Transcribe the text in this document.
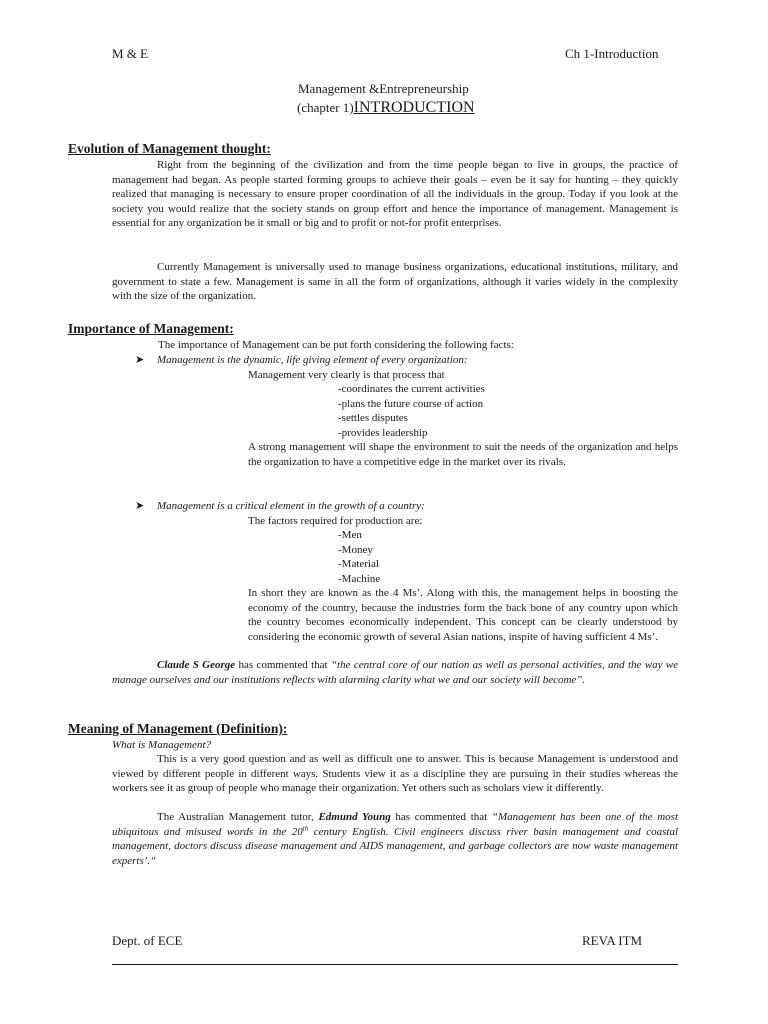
M & E	Ch 1-Introduction
Management &Entrepreneurship
(chapter 1)INTRODUCTION
Evolution of Management thought:
Right from the beginning of the civilization and from the time people began to live in groups, the practice of management had began. As people started forming groups to achieve their goals – even be it say for hunting – they quickly realized that managing is necessary to ensure proper coordination of all the individuals in the group. Today if you look at the society you would realize that the society stands on group effort and hence the importance of management. Management is essential for any organization be it small or big and to profit or not-for profit enterprises.
Currently Management is universally used to manage business organizations, educational institutions, military, and government to state a few. Management is same in all the form of organizations, although it varies widely in the complexity with the size of the organization.
Importance of Management:
The importance of Management can be put forth considering the following facts:
➤ Management is the dynamic, life giving element of every organization:
Management very clearly is that process that
-coordinates the current activities
-plans the future course of action
-settles disputes
-provides leadership
A strong management will shape the environment to suit the needs of the organization and helps the organization to have a competitive edge in the market over its rivals.
➤ Management is a critical element in the growth of a country:
The factors required for production are:
-Men
-Money
-Material
-Machine
In short they are known as the 4 Ms’. Along with this, the management helps in boosting the economy of the country, because the industries form the back bone of any country upon which the country becomes economically independent. This concept can be clearly understood by considering the economic growth of several Asian nations, inspite of having sufficient 4 Ms’.
Claude S George has commented that “the central core of our nation as well as personal activities, and the way we manage ourselves and our institutions reflects with alarming clarity what we and our society will become”.
Meaning of Management (Definition):
What is Management?
This is a very good question and as well as difficult one to answer. This is because Management is understood and viewed by different people in different ways. Students view it as a discipline they are pursuing in their studies whereas the workers see it as group of people who manage their organization. Yet others such as scholars view it differently.
The Australian Management tutor, Edmund Young has commented that “Management has been one of the most ubiquitous and misused words in the 20th century English. Civil engineers discuss river basin management and coastal management, doctors discuss disease management and AIDS management, and garbage collectors are now waste management experts’.“
Dept. of ECE	REVA ITM
